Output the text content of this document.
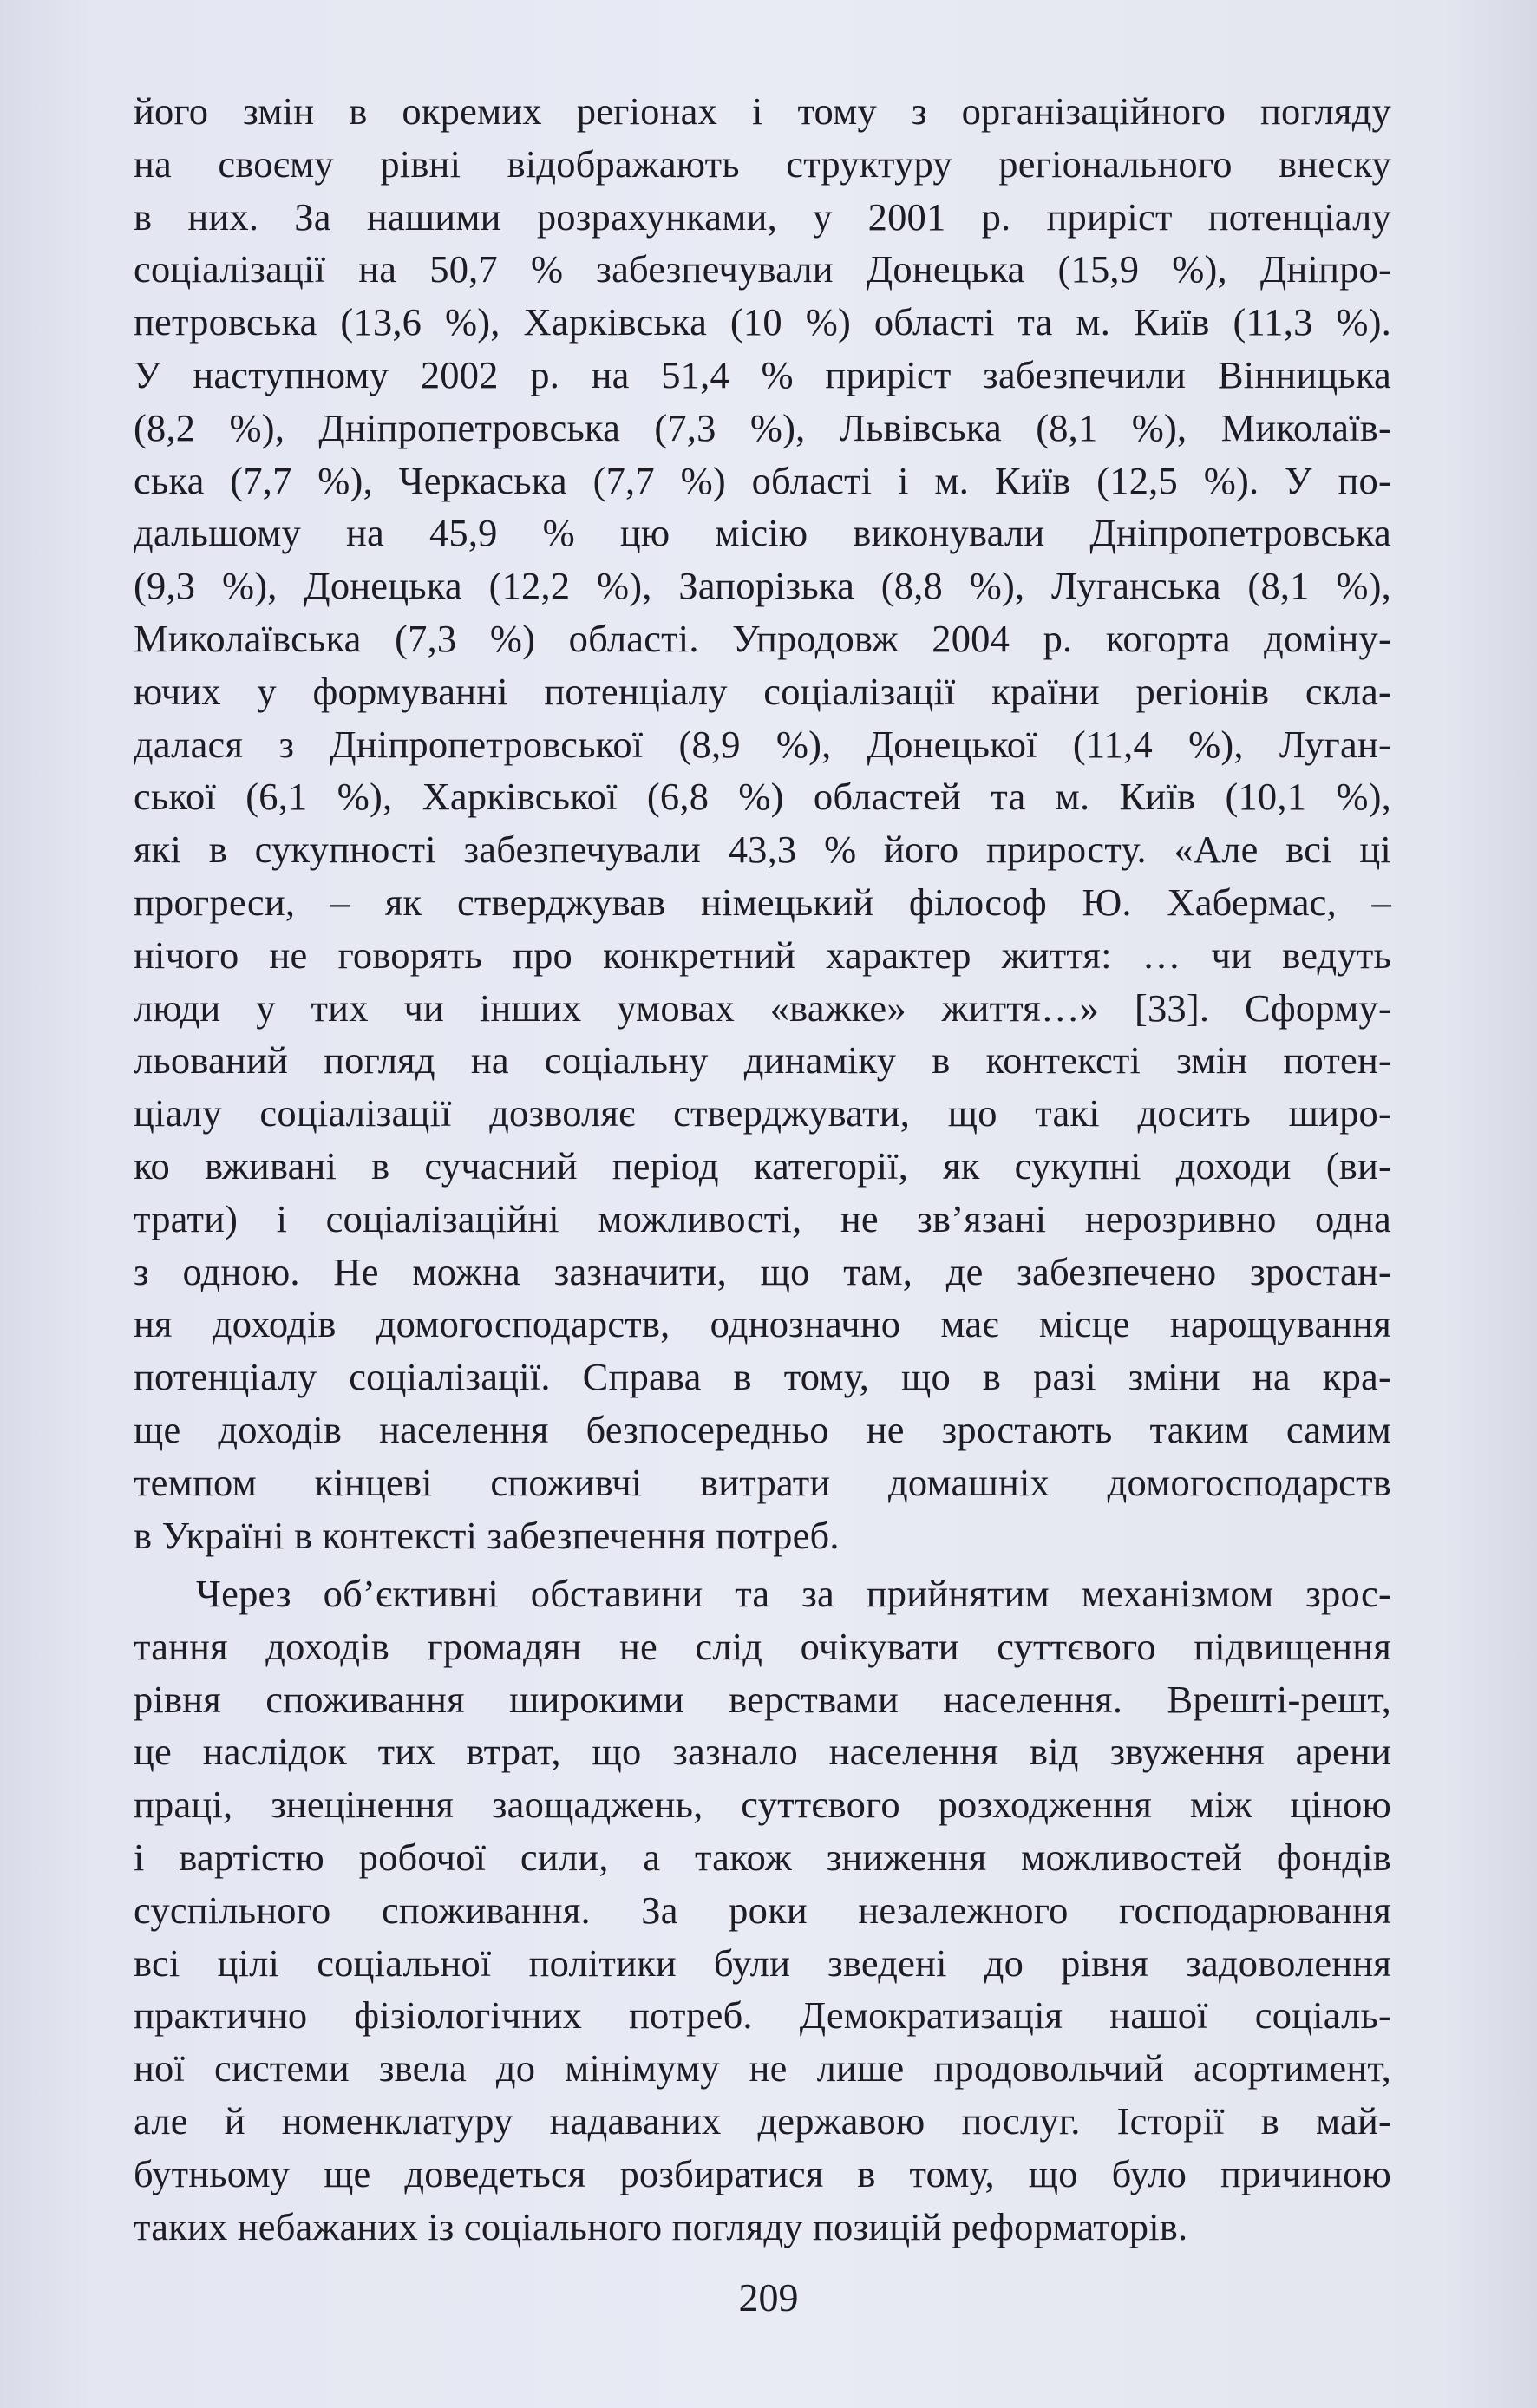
його змін в окремих регіонах і тому з організаційного погляду
на своєму рівні відображають структуру регіонального внеску
в них. За нашими розрахунками, у 2001 р. приріст потенціалу
соціалізації на 50,7 % забезпечували Донецька (15,9 %), Дніпро-
петровська (13,6 %), Харківська (10 %) області та м. Київ (11,3 %).
У наступному 2002 р. на 51,4 % приріст забезпечили Вінницька
(8,2 %), Дніпропетровська (7,3 %), Львівська (8,1 %), Миколаїв-
ська (7,7 %), Черкаська (7,7 %) області і м. Київ (12,5 %). У по-
дальшому на 45,9 % цю місію виконували Дніпропетровська
(9,3 %), Донецька (12,2 %), Запорізька (8,8 %), Луганська (8,1 %),
Миколаївська (7,3 %) області. Упродовж 2004 р. когорта доміну-
ючих у формуванні потенціалу соціалізації країни регіонів скла-
далася з Дніпропетровської (8,9 %), Донецької (11,4 %), Луган-
ської (6,1 %), Харківської (6,8 %) областей та м. Київ (10,1 %),
які в сукупності забезпечували 43,3 % його приросту. «Але всі ці
прогреси, – як стверджував німецький філософ Ю. Хабермас, –
нічого не говорять про конкретний характер життя: … чи ведуть
люди у тих чи інших умовах «важке» життя…» [33]. Сформу-
льований погляд на соціальну динаміку в контексті змін потен-
ціалу соціалізації дозволяє стверджувати, що такі досить широ-
ко вживані в сучасний період категорії, як сукупні доходи (ви-
трати) і соціалізаційні можливості, не зв’язані нерозривно одна
з одною. Не можна зазначити, що там, де забезпечено зростан-
ня доходів домогосподарств, однозначно має місце нарощування
потенціалу соціалізації. Справа в тому, що в разі зміни на кра-
ще доходів населення безпосередньо не зростають таким самим
темпом кінцеві споживчі витрати домашніх домогосподарств
в Україні в контексті забезпечення потреб.
Через об’єктивні обставини та за прийнятим механізмом зрос-
тання доходів громадян не слід очікувати суттєвого підвищення
рівня споживання широкими верствами населення. Врешті-решт,
це наслідок тих втрат, що зазнало населення від звуження арени
праці, знецінення заощаджень, суттєвого розходження між ціною
і вартістю робочої сили, а також зниження можливостей фондів
суспільного споживання. За роки незалежного господарювання
всі цілі соціальної політики були зведені до рівня задоволення
практично фізіологічних потреб. Демократизація нашої соціаль-
ної системи звела до мінімуму не лише продовольчий асортимент,
але й номенклатуру надаваних державою послуг. Історії в май-
бутньому ще доведеться розбиратися в тому, що було причиною
таких небажаних із соціального погляду позицій реформаторів.
209
